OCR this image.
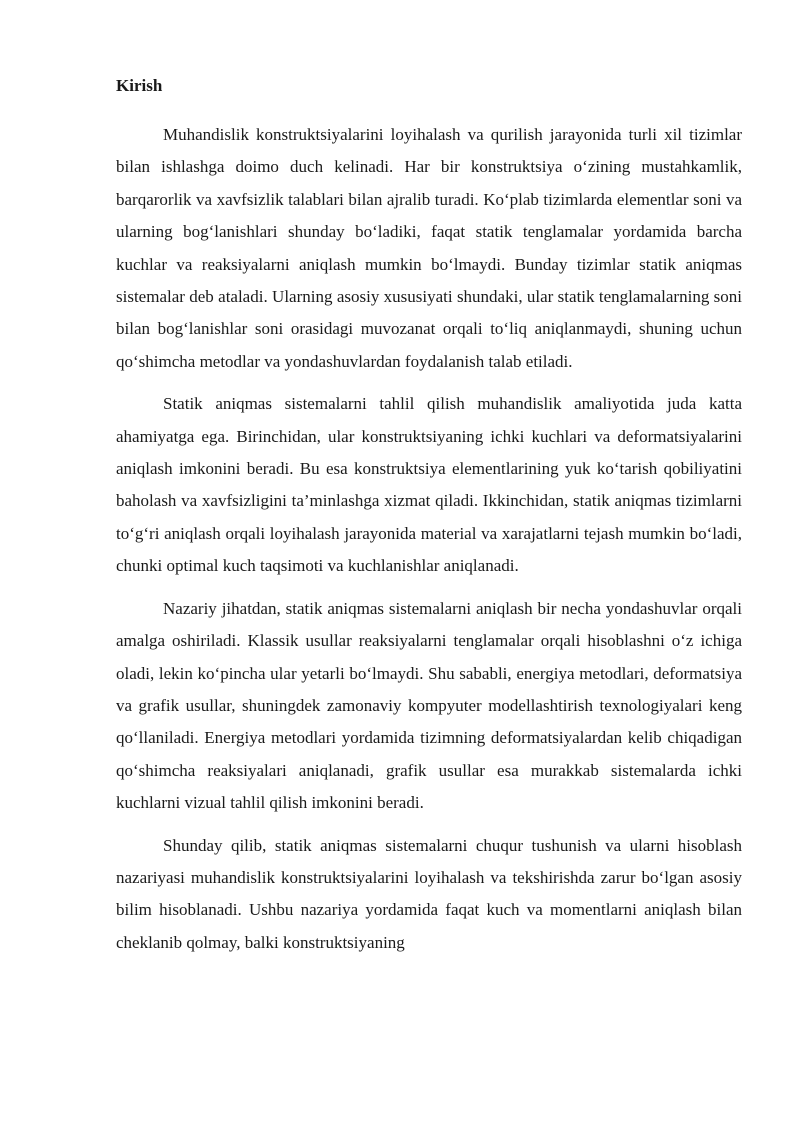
Kirish

Muhandislik konstruktsiyalarini loyihalash va qurilish jarayonida turli xil tizimlar bilan ishlashga doimo duch kelinadi. Har bir konstruktsiya o‘zining mustahkamlik, barqarorlik va xavfsizlik talablari bilan ajralib turadi. Ko‘plab tizimlarda elementlar soni va ularning bog‘lanishlari shunday bo‘ladiki, faqat statik tenglamalar yordamida barcha kuchlar va reaksiyalarni aniqlash mumkin bo‘lmaydi. Bunday tizimlar statik aniqmas sistemalar deb ataladi. Ularning asosiy xususiyati shundaki, ular statik tenglamalarning soni bilan bog‘lanishlar soni orasidagi muvozanat orqali to‘liq aniqlanmaydi, shuning uchun qo‘shimcha metodlar va yondashuvlardan foydalanish talab etiladi.

Statik aniqmas sistemalarni tahlil qilish muhandislik amaliyotida juda katta ahamiyatga ega. Birinchidan, ular konstruktsiyaning ichki kuchlari va deformatsiyalarini aniqlash imkonini beradi. Bu esa konstruktsiya elementlarining yuk ko‘tarish qobiliyatini baholash va xavfsizligini ta’minlashga xizmat qiladi. Ikkinchidan, statik aniqmas tizimlarni to‘g‘ri aniqlash orqali loyihalash jarayonida material va xarajatlarni tejash mumkin bo‘ladi, chunki optimal kuch taqsimoti va kuchlanishlar aniqlanadi.

Nazariy jihatdan, statik aniqmas sistemalarni aniqlash bir necha yondashuvlar orqali amalga oshiriladi. Klassik usullar reaksiyalarni tenglamalar orqali hisoblashni o‘z ichiga oladi, lekin ko‘pincha ular yetarli bo‘lmaydi. Shu sababli, energiya metodlari, deformatsiya va grafik usullar, shuningdek zamonaviy kompyuter modellashtirish texnologiyalari keng qo‘llaniladi. Energiya metodlari yordamida tizimning deformatsiyalardan kelib chiqadigan qo‘shimcha reaksiyalari aniqlanadi, grafik usullar esa murakkab sistemalarda ichki kuchlarni vizual tahlil qilish imkonini beradi.

Shunday qilib, statik aniqmas sistemalarni chuqur tushunish va ularni hisoblash nazariyasi muhandislik konstruktsiyalarini loyihalash va tekshirishda zarur bo‘lgan asosiy bilim hisoblanadi. Ushbu nazariya yordamida faqat kuch va momentlarni aniqlash bilan cheklanib qolmay, balki konstruktsiyaning
